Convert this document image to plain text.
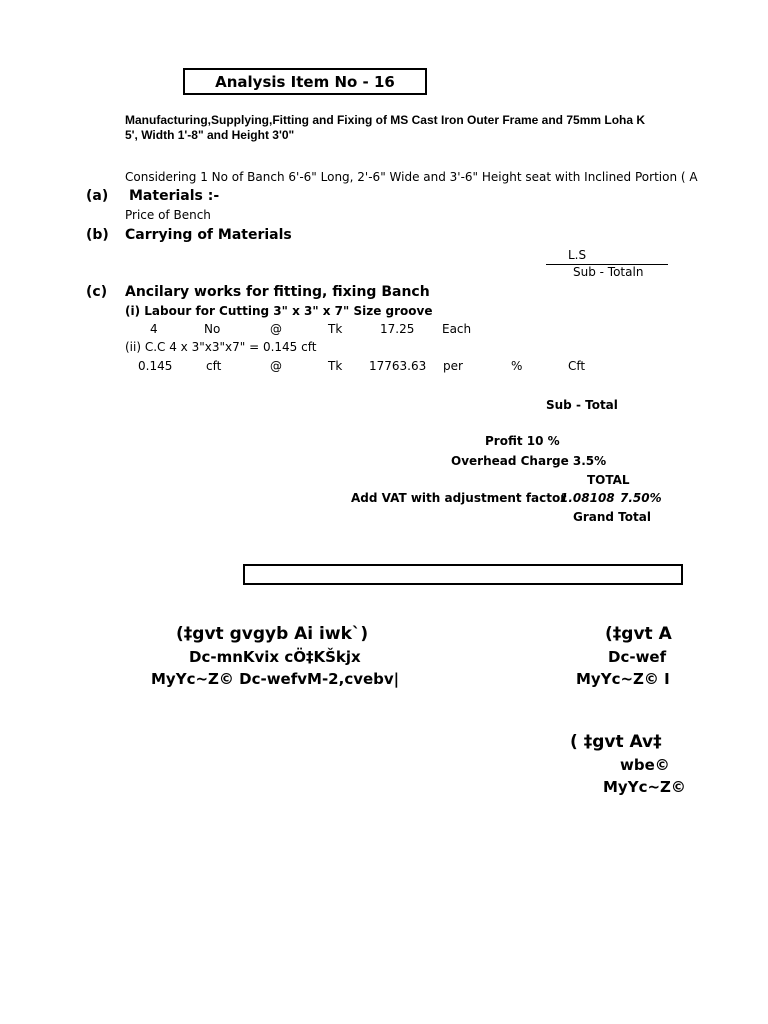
Analysis Item No - 16
Manufacturing,Supplying,Fitting and Fixing of MS Cast Iron Outer Frame and 75mm Loha K
5', Width 1'-8" and Height 3'0"
Considering 1 No of Banch 6'-6" Long, 2'-6" Wide and 3'-6" Height seat with Inclined Portion ( A
(a) Materials :-
Price of Bench
(b) Carrying of Materials
L.S
Sub - Totaln
(c) Ancilary works for fitting, fixing Banch
(i) Labour for Cutting 3" x 3" x 7" Size groove
4	No	@	Tk	17.25 Each
(ii) C.C 4 x 3"x3"x7" = 0.145 cft
0.145	cft	@	Tk 17763.63 per	%	Cft
Sub - Total
Profit 10 %
Overhead Charge 3.5%
TOTAL
Add VAT with adjustment factor
1.08108 7.50%
Grand Total
(‡gvt gvgyb Ai iwk`)
Dc-mnKvix cÖ‡KŠkjx
MyYc~Z© Dc-wefvM-2,cvebv|
(‡gvt A
Dc-wef
MyYc~Z© I
( ‡gvt Av‡
wbe©
MyYc~Z©
